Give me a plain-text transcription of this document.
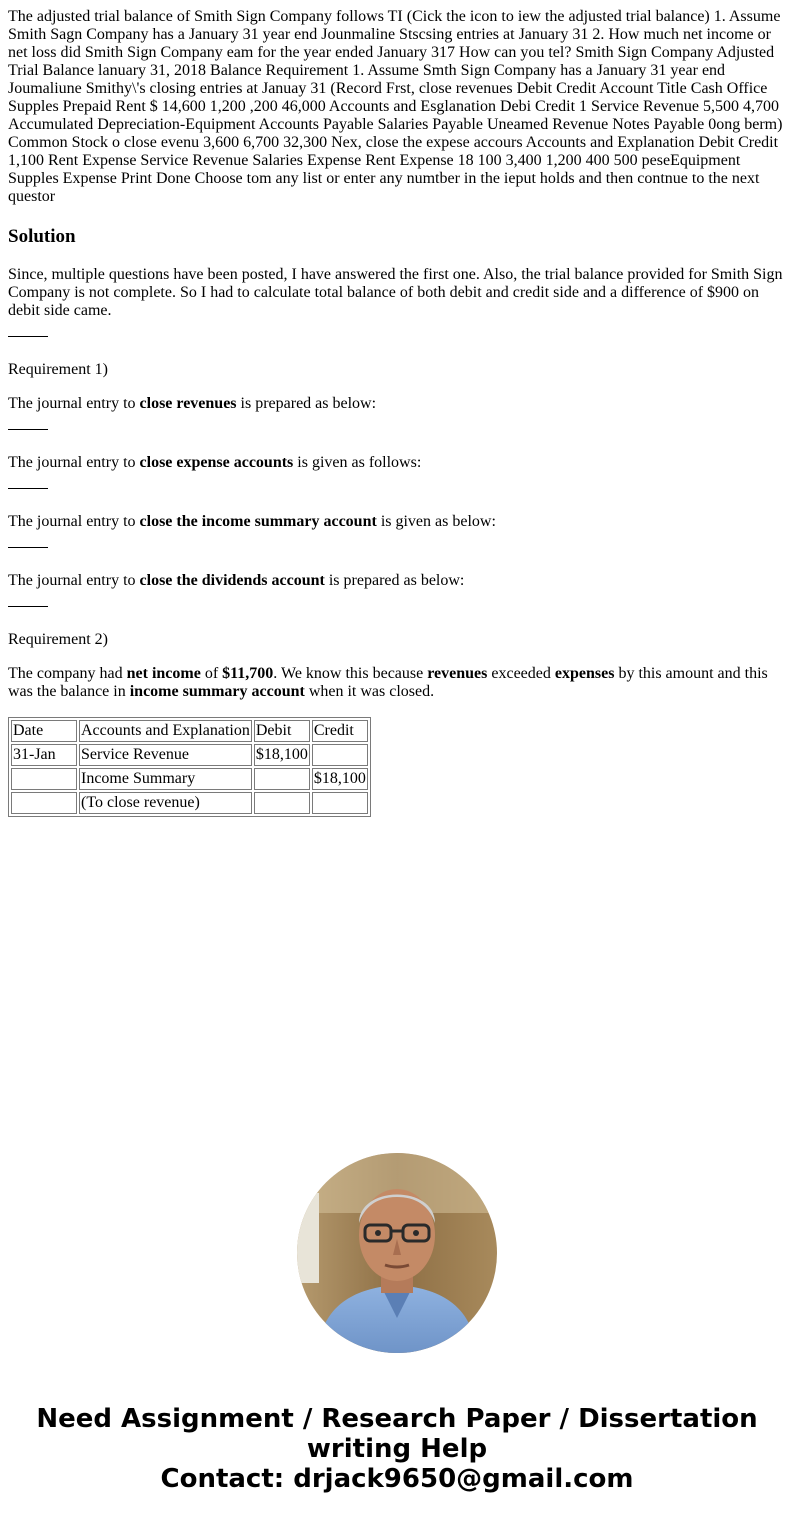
The adjusted trial balance of Smith Sign Company follows TI (Cick the icon to iew the adjusted trial balance) 1. Assume Smith Sagn Company has a January 31 year end Jounmaline Stscsing entries at January 31 2. How much net income or net loss did Smith Sign Company eam for the year ended January 317 How can you tel? Smith Sign Company Adjusted Trial Balance lanuary 31, 2018 Balance Requirement 1. Assume Smth Sign Company has a January 31 year end Joumaliune Smithy\'s closing entries at Januay 31 (Record Frst, close revenues Debit Credit Account Title Cash Office Supples Prepaid Rent $ 14,600 1,200 ,200 46,000 Accounts and Esglanation Debi Credit 1 Service Revenue 5,500 4,700 Accumulated Depreciation-Equipment Accounts Payable Salaries Payable Uneamed Revenue Notes Payable 0ong berm) Common Stock o close evenu 3,600 6,700 32,300 Nex, close the expese accours Accounts and Explanation Debit Credit 1,100 Rent Expense Service Revenue Salaries Expense Rent Expense 18 100 3,400 1,200 400 500 peseEquipment Supples Expense Print Done Choose tom any list or enter any numtber in the ieput holds and then contnue to the next questor

Solution

Since, multiple questions have been posted, I have answered the first one. Also, the trial balance provided for Smith Sign Company is not complete. So I had to calculate total balance of both debit and credit side and a difference of $900 on debit side came.

Requirement 1)

The journal entry to close revenues is prepared as below:

The journal entry to close expense accounts is given as follows:

The journal entry to close the income summary account is given as below:

The journal entry to close the dividends account is prepared as below:

Requirement 2)

The company had net income of $11,700. We know this because revenues exceeded expenses by this amount and this was the balance in income summary account when it was closed.

Date	Accounts and Explanation	Debit	Credit
31-Jan	Service Revenue	$18,100	
	Income Summary		$18,100
	(To close revenue)		
Need Assignment / Research Paper / Dissertation
writing Help
Contact: drjack9650@gmail.com
